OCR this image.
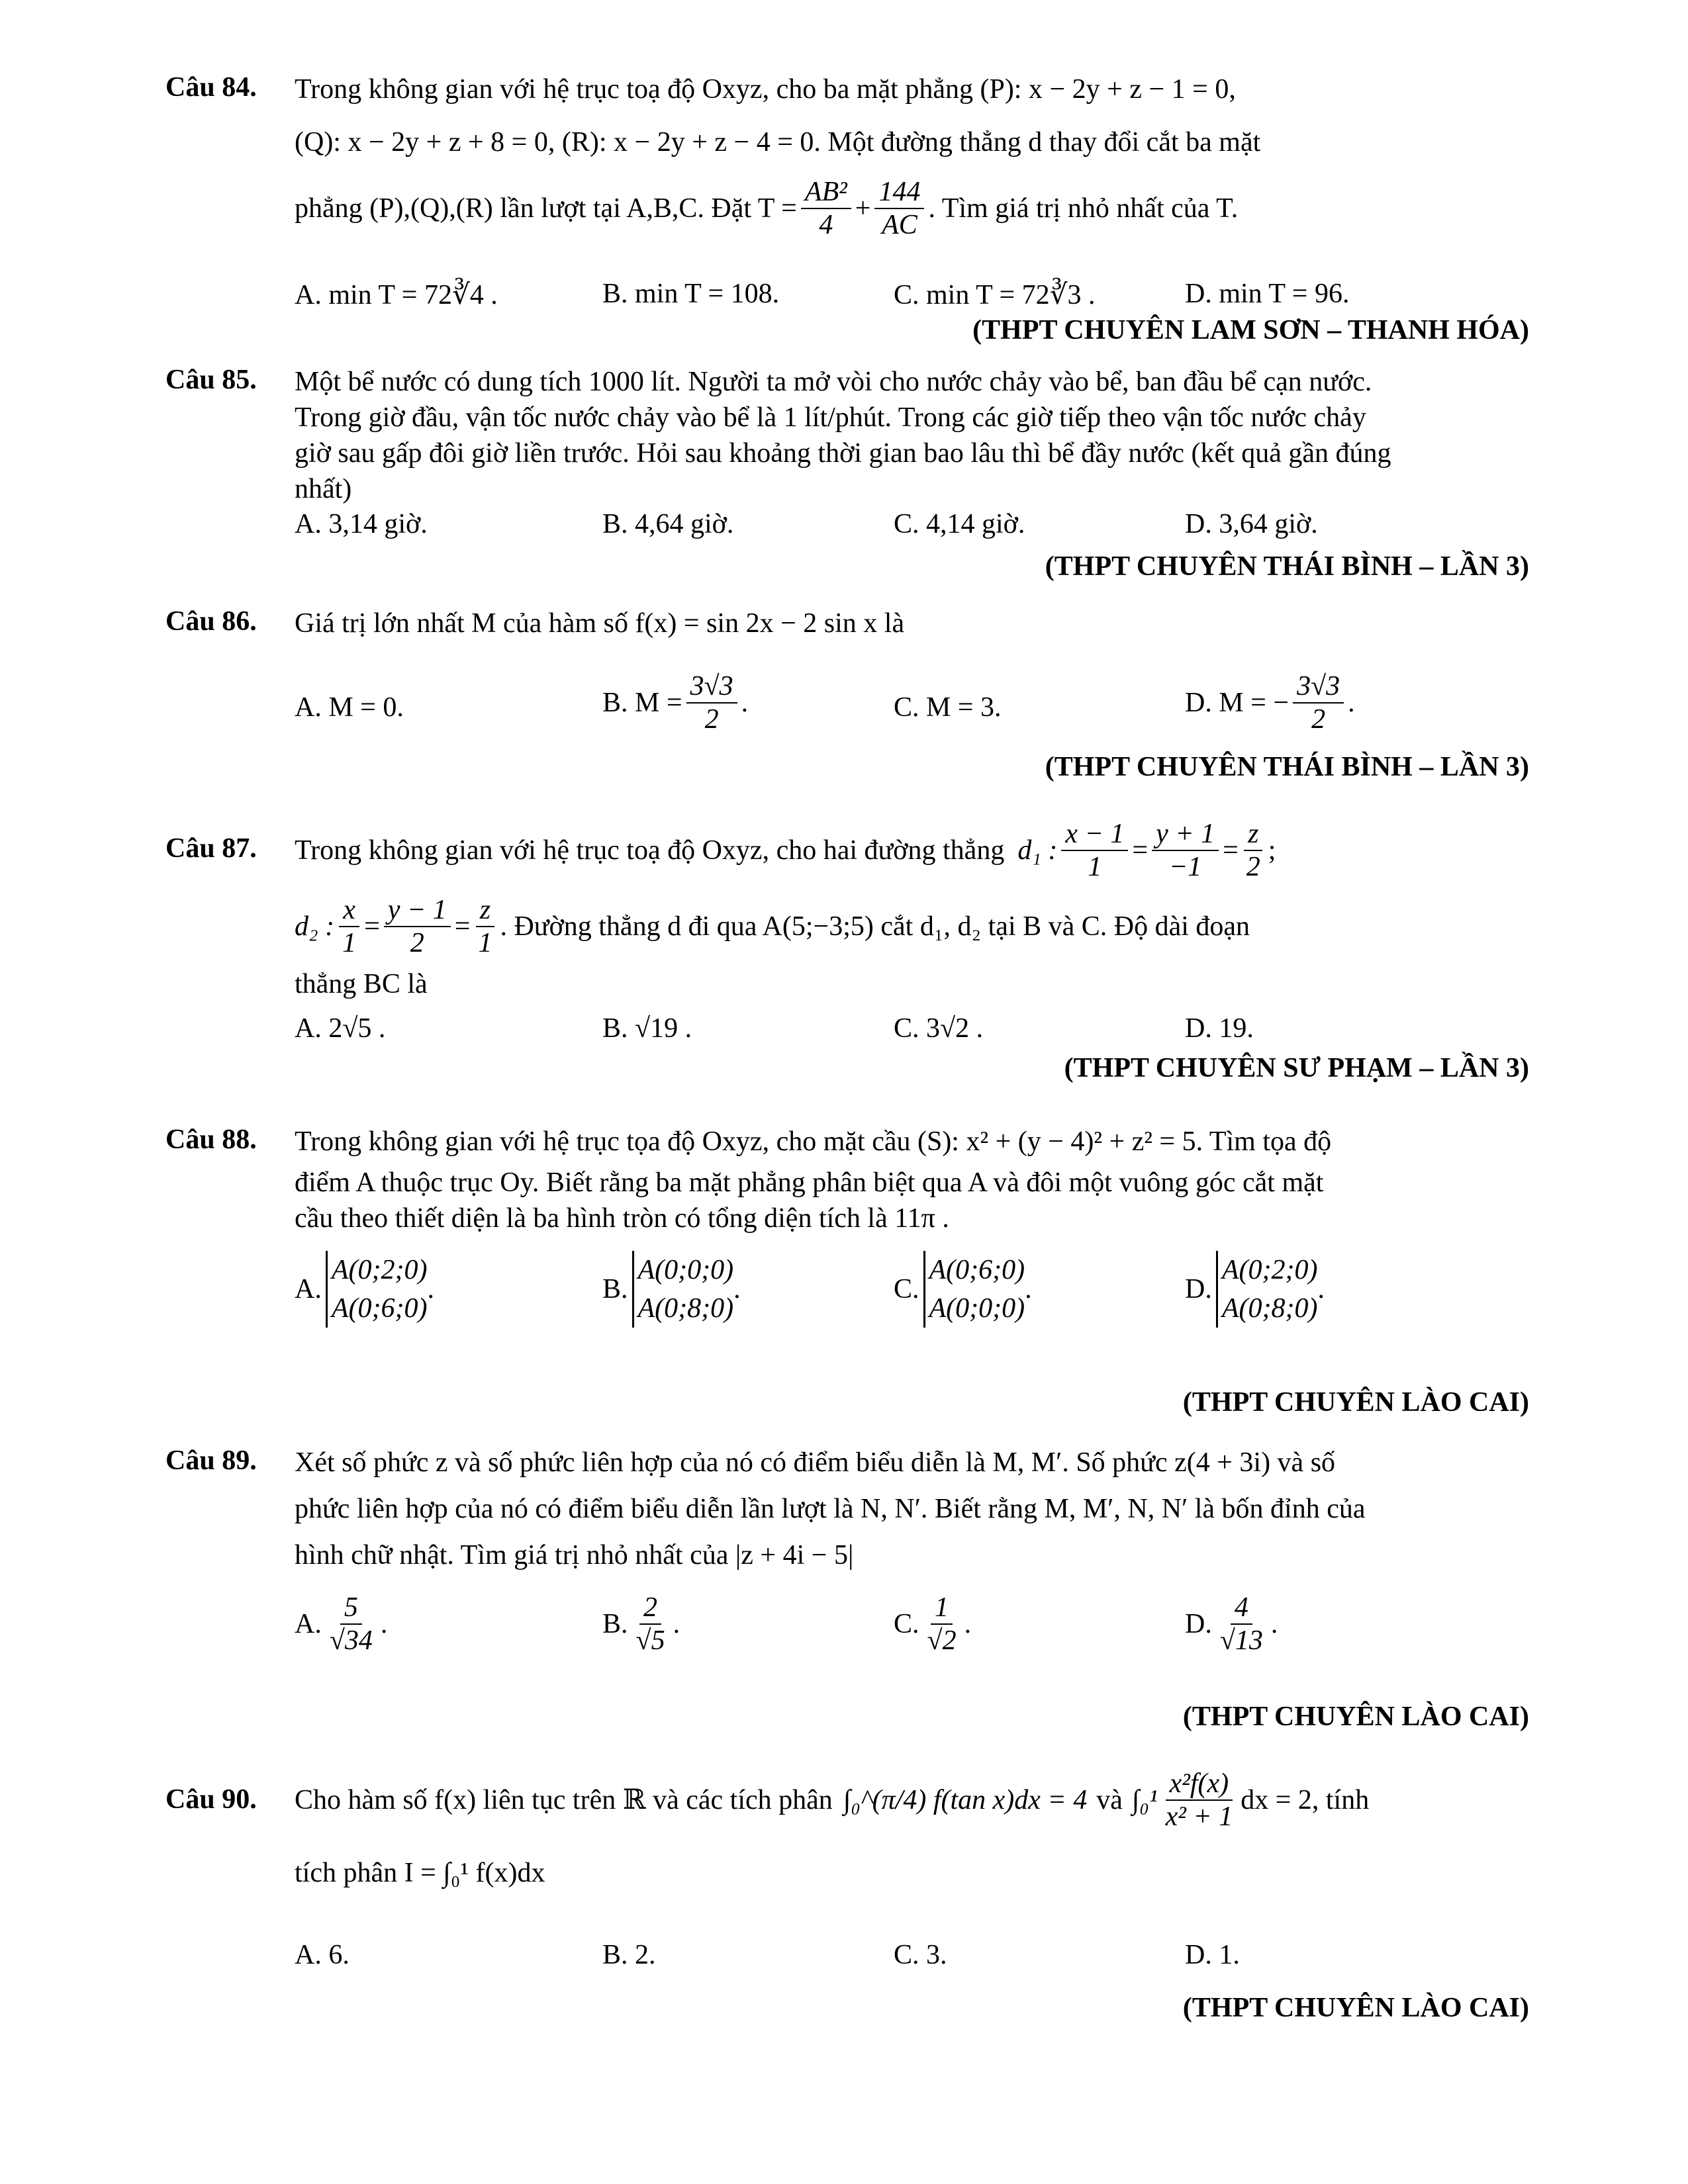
Câu 84. Trong không gian với hệ trục toạ độ Oxyz, cho ba mặt phẳng (P): x − 2y + z − 1 = 0,
(Q): x − 2y + z + 8 = 0, (R): x − 2y + z − 4 = 0. Một đường thẳng d thay đổi cắt ba mặt
phẳng (P),(Q),(R) lần lượt tại A,B,C. Đặt $T = \frac{\text{AB²}}{4} + \frac{144}{AC}$ . Tìm giá trị nhỏ nhất của T.
A. min T = 72∛4 .	B. min T = 108.	C. min T = 72∛3 .	D. min T = 96.
(THPT CHUYÊN LAM SƠN – THANH HÓA)
Câu 85. Một bể nước có dung tích 1000 lít. Người ta mở vòi cho nước chảy vào bể, ban đầu bể cạn nước.
Trong giờ đầu, vận tốc nước chảy vào bể là 1 lít/phút. Trong các giờ tiếp theo vận tốc nước chảy
giờ sau gấp đôi giờ liền trước. Hỏi sau khoảng thời gian bao lâu thì bể đầy nước (kết quả gần đúng
nhất)
A. 3,14 giờ.	B. 4,64 giờ.	C. 4,14 giờ.	D. 3,64 giờ.
(THPT CHUYÊN THÁI BÌNH – LẦN 3)
Câu 86. Giá trị lớn nhất M của hàm số f(x) = sin 2x − 2 sin x là
A. M = 0.	B. $M = \frac{3√3}{2}$ .	C. M = 3.	D. M = − $\frac{3√3}{2}$ .
(THPT CHUYÊN THÁI BÌNH – LẦN 3)
Câu 87. Trong không gian với hệ trục toạ độ Oxyz, cho hai đường thẳng d₁ : $\frac{x - 1}{1} = \frac{y + 1}{-1} = \frac{z}{2}$ ;
d₂ : $\frac{x}{1} = \frac{y - 1}{2} = \frac{z}{1}$ . Đường thẳng d đi qua A(5;−3;5) cắt d₁, d₂ tại B và C. Độ dài đoạn
thẳng BC là
A. 2√5 .	B. √19 .	C. 3√2 .	D. 19.
(THPT CHUYÊN SƯ PHẠM – LẦN 3)
Câu 88. Trong không gian với hệ trục tọa độ Oxyz, cho mặt cầu (S): x² + (y − 4)² + z² = 5. Tìm tọa độ
điểm A thuộc trục Oy. Biết rằng ba mặt phẳng phân biệt qua A và đôi một vuông góc cắt mặt
cầu theo thiết diện là ba hình tròn có tổng diện tích là 11π .
A.
A(0;2;0)
A(0;6;0)
.	B.
A(0;0;0)
A(0;8;0)
.	C.
A(0;6;0)
A(0;0;0)
.	D.
A(0;2;0)
A(0;8;0)
.
(THPT CHUYÊN LÀO CAI)
Câu 89. Xét số phức z và số phức liên hợp của nó có điểm biểu diễn là M, M′. Số phức z(4 + 3i) và số
phức liên hợp của nó có điểm biểu diễn lần lượt là N, N′. Biết rằng M, M′, N, N′ là bốn đỉnh của
hình chữ nhật. Tìm giá trị nhỏ nhất của |z + 4i − 5|
A. $\frac{5}{√34}$ .	B. $\frac{2}{√5}$ .	C. $\frac{1}{√2}$ .	D. $\frac{4}{√13}$ .
(THPT CHUYÊN LÀO CAI)
Câu 90. Cho hàm số f(x) liên tục trên ℝ và các tích phân ∫₀^(π/4) f(tan x)dx = 4 và $\int_0^1 \frac{\text{x²f(x)}}{\text{x² + 1}}$ dx = 2, tính
tích phân I = ∫₀¹ f(x)dx
A. 6.	B. 2.	C. 3.	D. 1.
(THPT CHUYÊN LÀO CAI)
